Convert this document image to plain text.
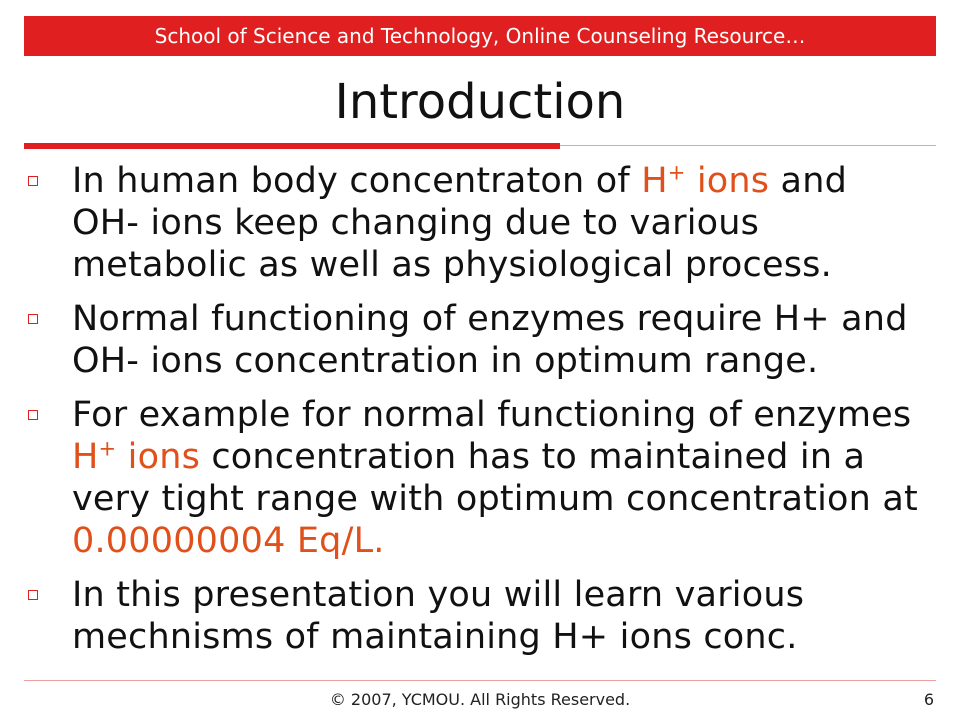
School of Science and Technology, Online Counseling Resource…
Introduction
In human body concentraton of H+ ions and OH- ions keep changing due to various metabolic as well as physiological process.
Normal functioning of enzymes require H+ and OH- ions concentration in optimum range.
For example for normal functioning of enzymes H+ ions concentration has to maintained in a very tight range with optimum concentration at 0.00000004 Eq/L.
In this presentation you will learn various mechnisms of maintaining H+ ions conc.
© 2007, YCMOU. All Rights Reserved.	6
